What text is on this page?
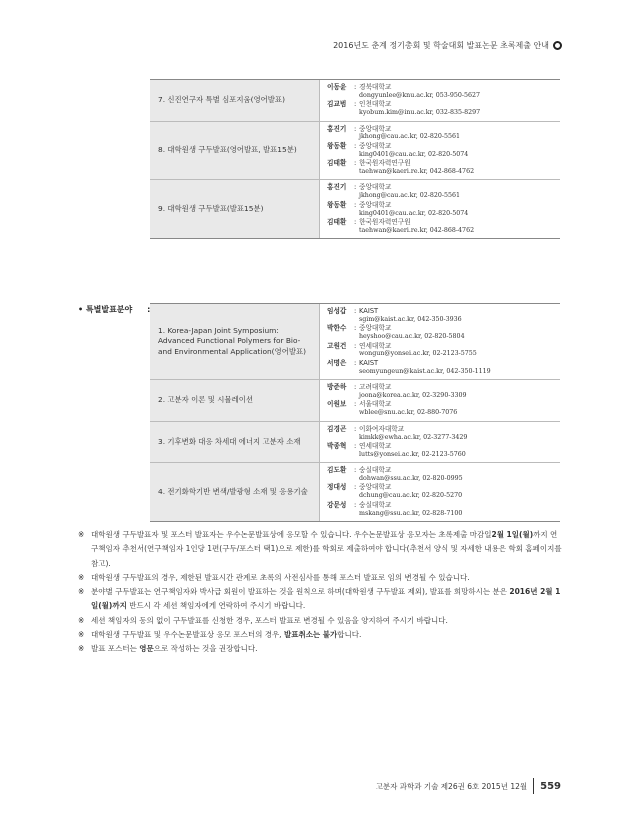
2016년도 춘계 정기총회 및 학술대회 발표논문 초록제출 안내
7. 신진연구자 특별 심포지움(영어발표)
이동윤	: 경북대학교
dongyunlee@knu.ac.kr, 053-950-5627
김교범	: 인천대학교
kyobum.kim@inu.ac.kr, 032-835-8297
8. 대학원생 구두발표(영어발표, 발표15분)
홍진기	: 중앙대학교
jkhong@cau.ac.kr, 02-820-5561
왕동환	: 중앙대학교
king0401@cau.ac.kr, 02-820-5074
김태환	: 한국원자력연구원
taehwan@kaeri.re.kr, 042-868-4762
9. 대학원생 구두발표(발표15분)
홍진기	: 중앙대학교
jkhong@cau.ac.kr, 02-820-5561
왕동환	: 중앙대학교
king0401@cau.ac.kr, 02-820-5074
김태환	: 한국원자력연구원
taehwan@kaeri.re.kr, 042-868-4762
• 특별발표분야 :
1. Korea-Japan Joint Symposium: Advanced Functional Polymers for Bio- and Environmental Application(영어발표)
임성갑	: KAIST
sgim@kaist.ac.kr, 042-350-3936
박한수	: 중앙대학교
heyshoo@cau.ac.kr, 02-820-5804
고원건	: 연세대학교
wongun@yonsei.ac.kr, 02-2123-5755
서명은	: KAIST
seomyungeun@kaist.ac.kr, 042-350-1119
2. 고분자 이론 및 시뮬레이션
방준하	: 고려대학교
joona@korea.ac.kr, 02-3290-3309
이원보	: 서울대학교
wblee@snu.ac.kr, 02-880-7076
3. 기후변화 대응 차세대 에너지 고분자 소재
김경곤	: 이화여자대학교
kimkk@ewha.ac.kr, 02-3277-3429
박종혁	: 연세대학교
lutts@yonsei.ac.kr, 02-2123-5760
4. 전기화학기반 변색/발광형 소재 및 응용기술
김도환	: 숭실대학교
dohwan@ssu.ac.kr, 02-820-0995
정대성	: 중앙대학교
dchung@cau.ac.kr, 02-820-5270
강문성	: 숭실대학교
mskang@ssu.ac.kr, 02-828-7100
※ 대학원생 구두발표자 및 포스터 발표자는 우수논문발표상에 응모할 수 있습니다. 우수논문발표상 응모자는 초록제출 마감일2월 1일(월)까지 연구책임자 추천서(연구책임자 1인당 1편(구두/포스터 택1)으로 제한)를 학회로 제출하여야 합니다(추천서 양식 및 자세한 내용은 학회 홈페이지를 참고).
※ 대학원생 구두발표의 경우, 제한된 발표시간 관계로 초록의 사전심사를 통해 포스터 발표로 임의 변경될 수 있습니다.
※ 분야별 구두발표는 연구책임자와 박사급 회원이 발표하는 것을 원칙으로 하며(대학원생 구두발표 제외), 발표를 희망하시는 분은 2016년 2월 1일(월)까지 반드시 각 세션 책임자에게 연락하여 주시기 바랍니다.
※ 세션 책임자의 동의 없이 구두발표를 신청한 경우, 포스터 발표로 변경될 수 있음을 양지하여 주시기 바랍니다.
※ 대학원생 구두발표 및 우수논문발표상 응모 포스터의 경우, 발표취소는 불가합니다.
※ 발표 포스터는 영문으로 작성하는 것을 권장합니다.
고분자 과학과 기술 제26권 6호 2015년 12월 559
